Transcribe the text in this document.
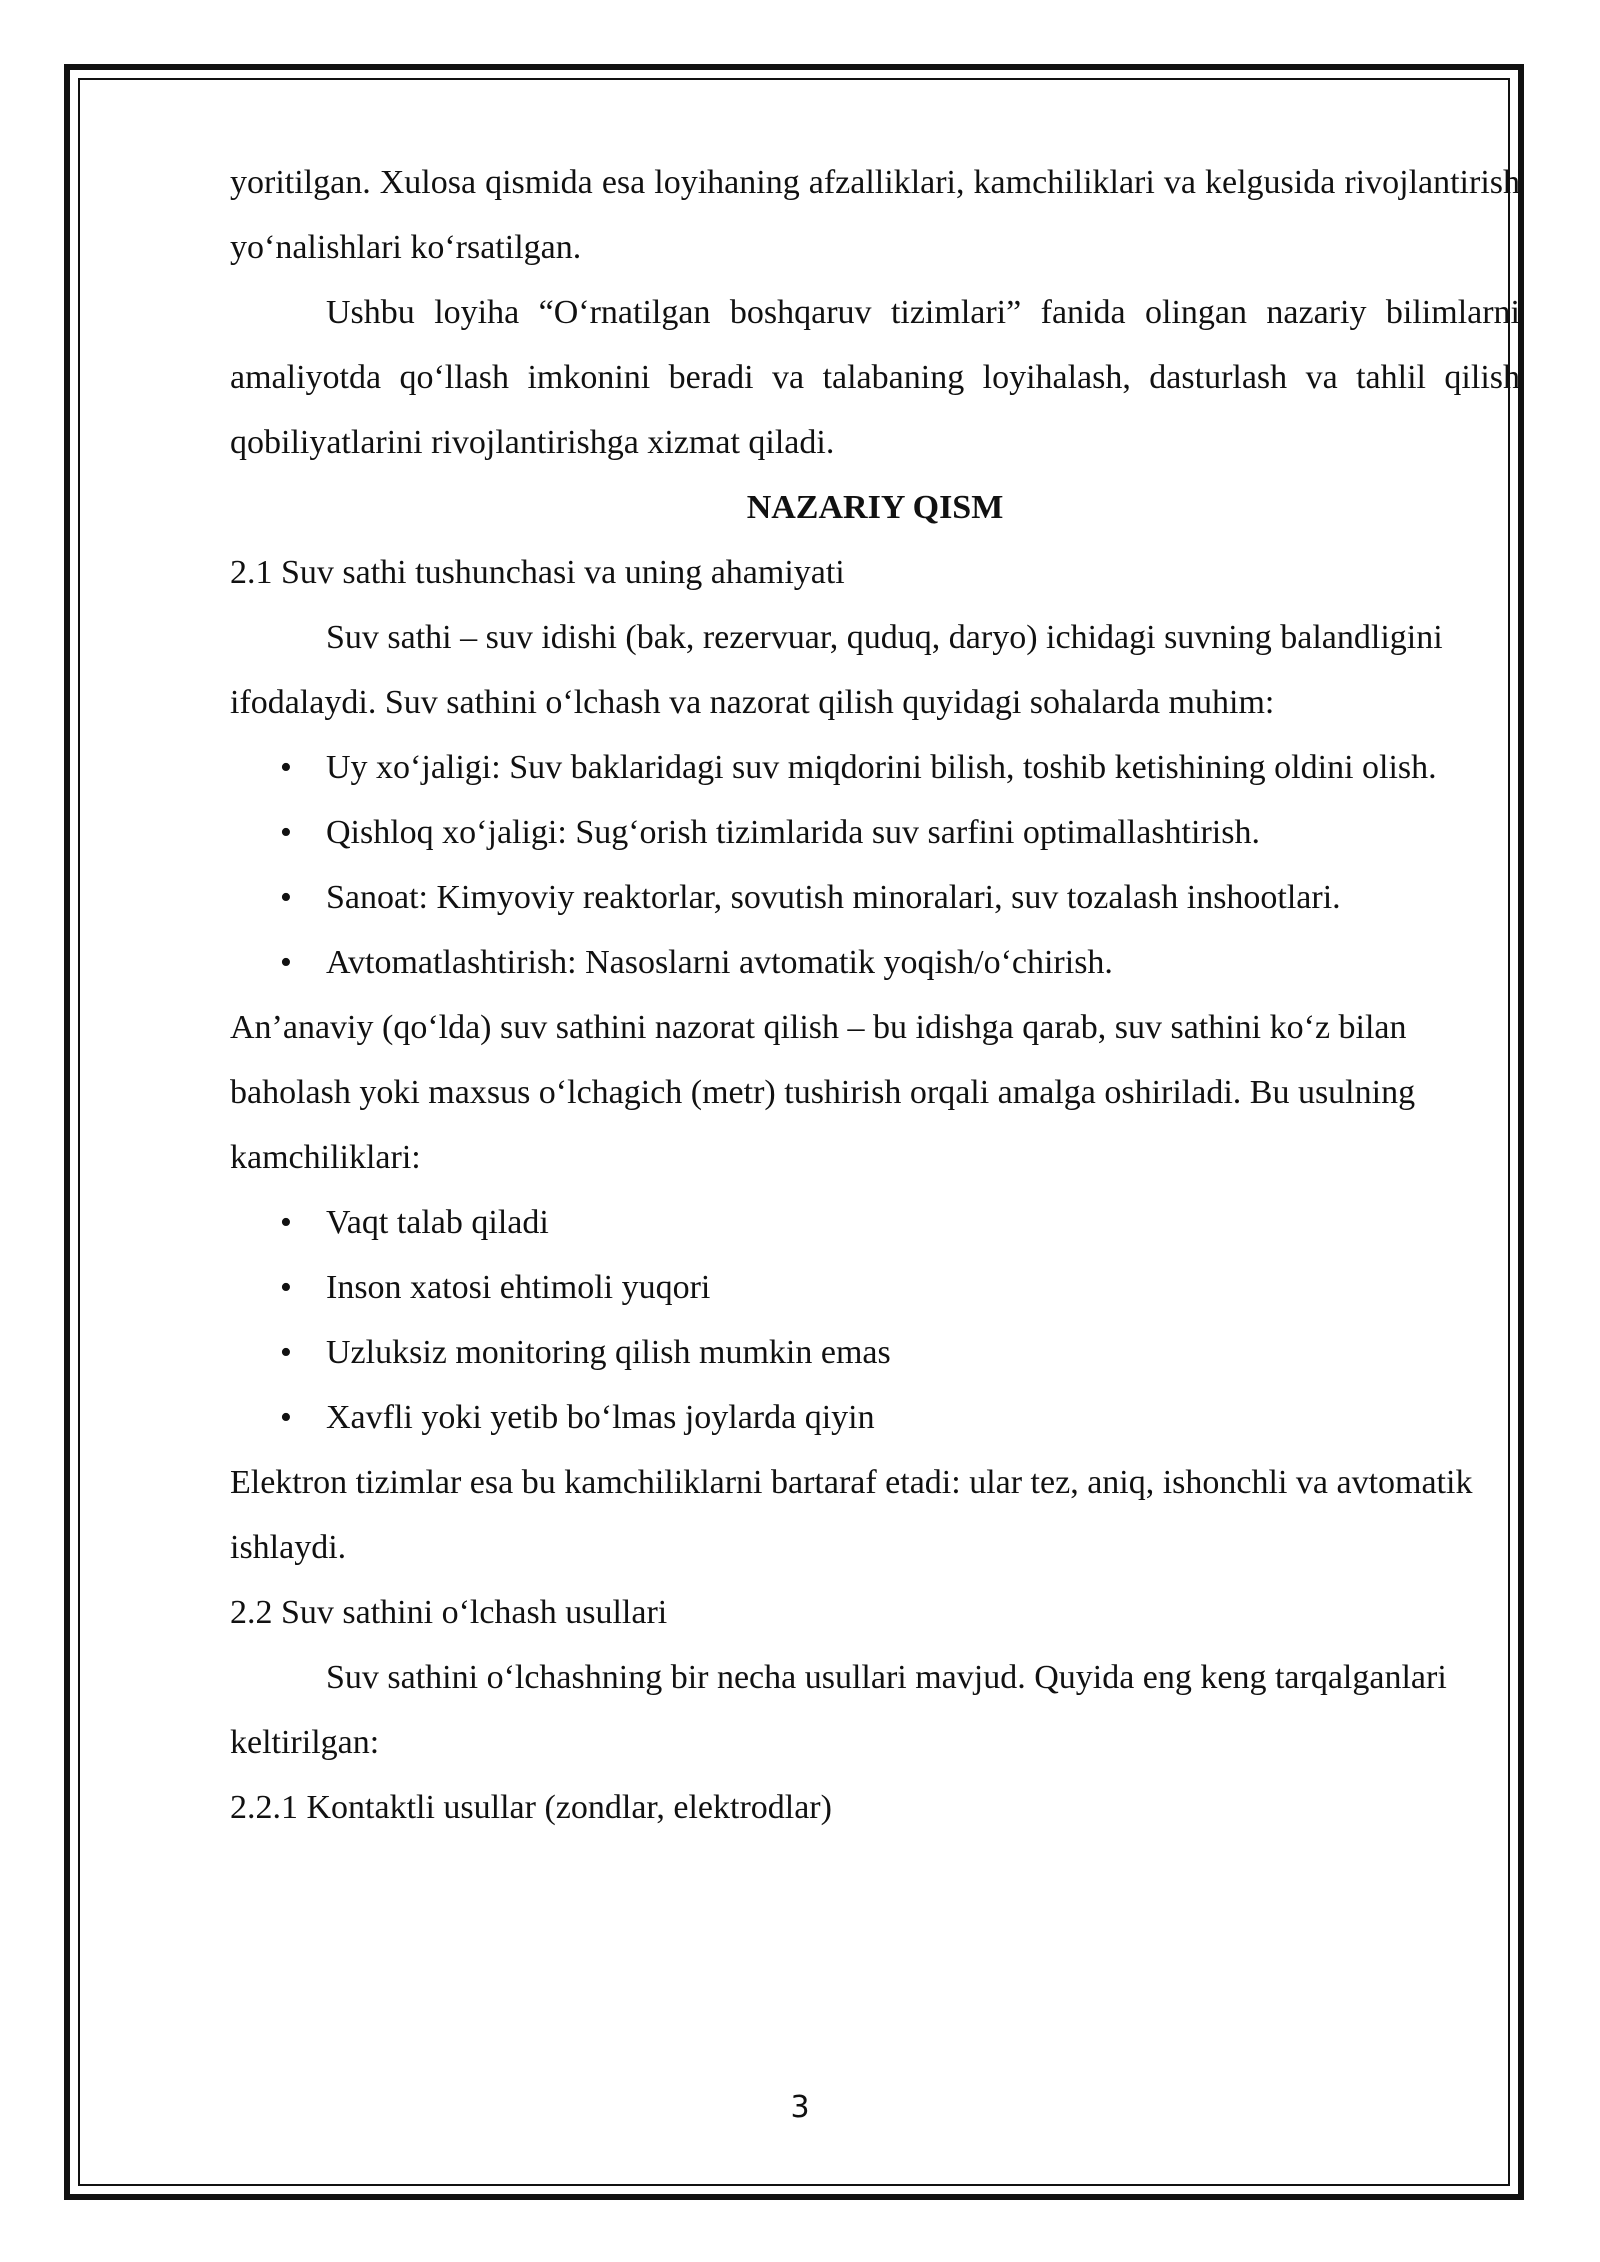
yoritilgan. Xulosa qismida esa loyihaning afzalliklari, kamchiliklari va kelgusida rivojlantirish yo‘nalishlari ko‘rsatilgan.

Ushbu loyiha “O‘rnatilgan boshqaruv tizimlari” fanida olingan nazariy bilimlarni amaliyotda qo‘llash imkonini beradi va talabaning loyihalash, dasturlash va tahlil qilish qobiliyatlarini rivojlantirishga xizmat qiladi.

NAZARIY QISM

2.1 Suv sathi tushunchasi va uning ahamiyati

Suv sathi – suv idishi (bak, rezervuar, quduq, daryo) ichidagi suvning balandligini ifodalaydi. Suv sathini o‘lchash va nazorat qilish quyidagi sohalarda muhim:

• Uy xo‘jaligi: Suv baklaridagi suv miqdorini bilish, toshib ketishining oldini olish.
• Qishloq xo‘jaligi: Sug‘orish tizimlarida suv sarfini optimallashtirish.
• Sanoat: Kimyoviy reaktorlar, sovutish minoralari, suv tozalash inshootlari.
• Avtomatlashtirish: Nasoslarni avtomatik yoqish/o‘chirish.

An’anaviy (qo‘lda) suv sathini nazorat qilish – bu idishga qarab, suv sathini ko‘z bilan baholash yoki maxsus o‘lchagich (metr) tushirish orqali amalga oshiriladi. Bu usulning kamchiliklari:

• Vaqt talab qiladi
• Inson xatosi ehtimoli yuqori
• Uzluksiz monitoring qilish mumkin emas
• Xavfli yoki yetib bo‘lmas joylarda qiyin

Elektron tizimlar esa bu kamchiliklarni bartaraf etadi: ular tez, aniq, ishonchli va avtomatik ishlaydi.

2.2 Suv sathini o‘lchash usullari

Suv sathini o‘lchashning bir necha usullari mavjud. Quyida eng keng tarqalganlari keltirilgan:

2.2.1 Kontaktli usullar (zondlar, elektrodlar)

3
